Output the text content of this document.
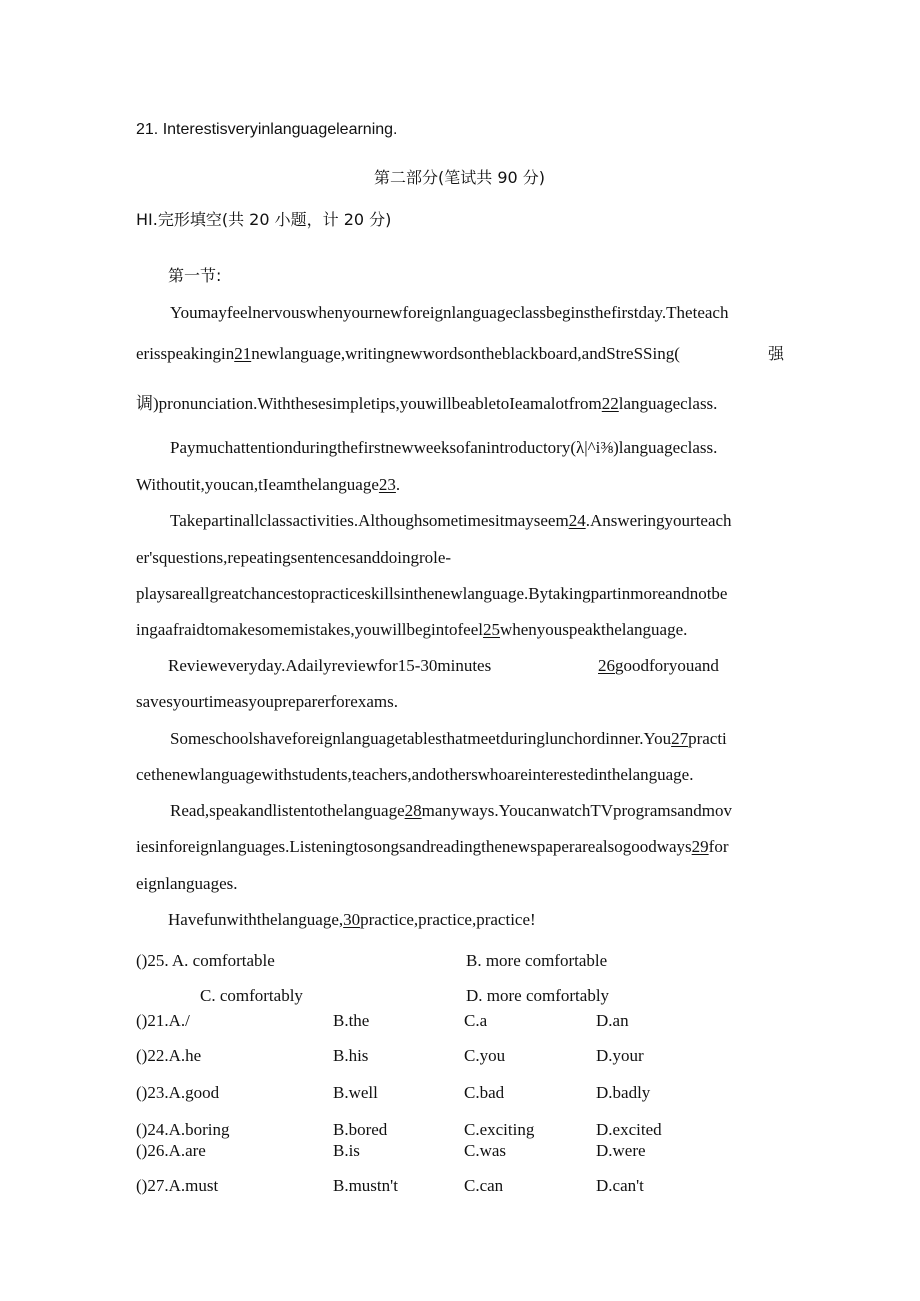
21. Interestisveryinlanguagelearning.
第二部分(笔试共 90 分)
HI.完形填空(共 20 小题，计 20 分)
第一节:
Youmayfeelnervouswhenyournewforeignlanguageclassbeginsthefirstday.Theteach
erisspeakingin21newlanguage,writingnewwordsontheblackboard,andStreSSing(	强
调)pronunciation.Withthesesimpletips,youwillbeabletoIeamalotfrom22languageclass.
Paymuchattentionduringthefirstnewweeksofanintroductory(λ|^i⅜)languageclass.
Withoutit,youcan,tIeamthelanguage23.
Takepartinallclassactivities.Althoughsometimesitmayseem24.Answeringyourteach
er'squestions,repeatingsentencesanddoingrole-
playsareallgreatchancestopracticeskillsinthenewlanguage.Bytakingpartinmoreandnotbe
ingaafraidtomakesomemistakes,youwillbegintofeel25whenyouspeakthelanguage.
Revieweveryday.Adailyreviewfor15-30minutes	26goodforyouand
savesyourtimeasyoupreparerforexams.
Someschoolshaveforeignlanguagetablesthatmeetduringlunchordinner.You27practi
cethenewlanguagewithstudents,teachers,andotherswhoareinterestedinthelanguage.
Read,speakandlistentothelanguage28manyways.YoucanwatchTVprogramsandmov
iesinforeignlanguages.Listeningtosongsandreadingthenewspaperarealsogoodways29for
eignlanguages.
Havefunwiththelanguage,30practice,practice,practice!
()25. A. comfortable	B. more comfortable
C. comfortably	D. more comfortably
()21.A./	B.the	C.a	D.an
()22.A.he	B.his	C.you	D.your
()23.A.good	B.well	C.bad	D.badly
()24.A.boring	B.bored	C.exciting	D.excited
()26.A.are	B.is	C.was	D.were
()27.A.must	B.mustn't	C.can	D.can't
